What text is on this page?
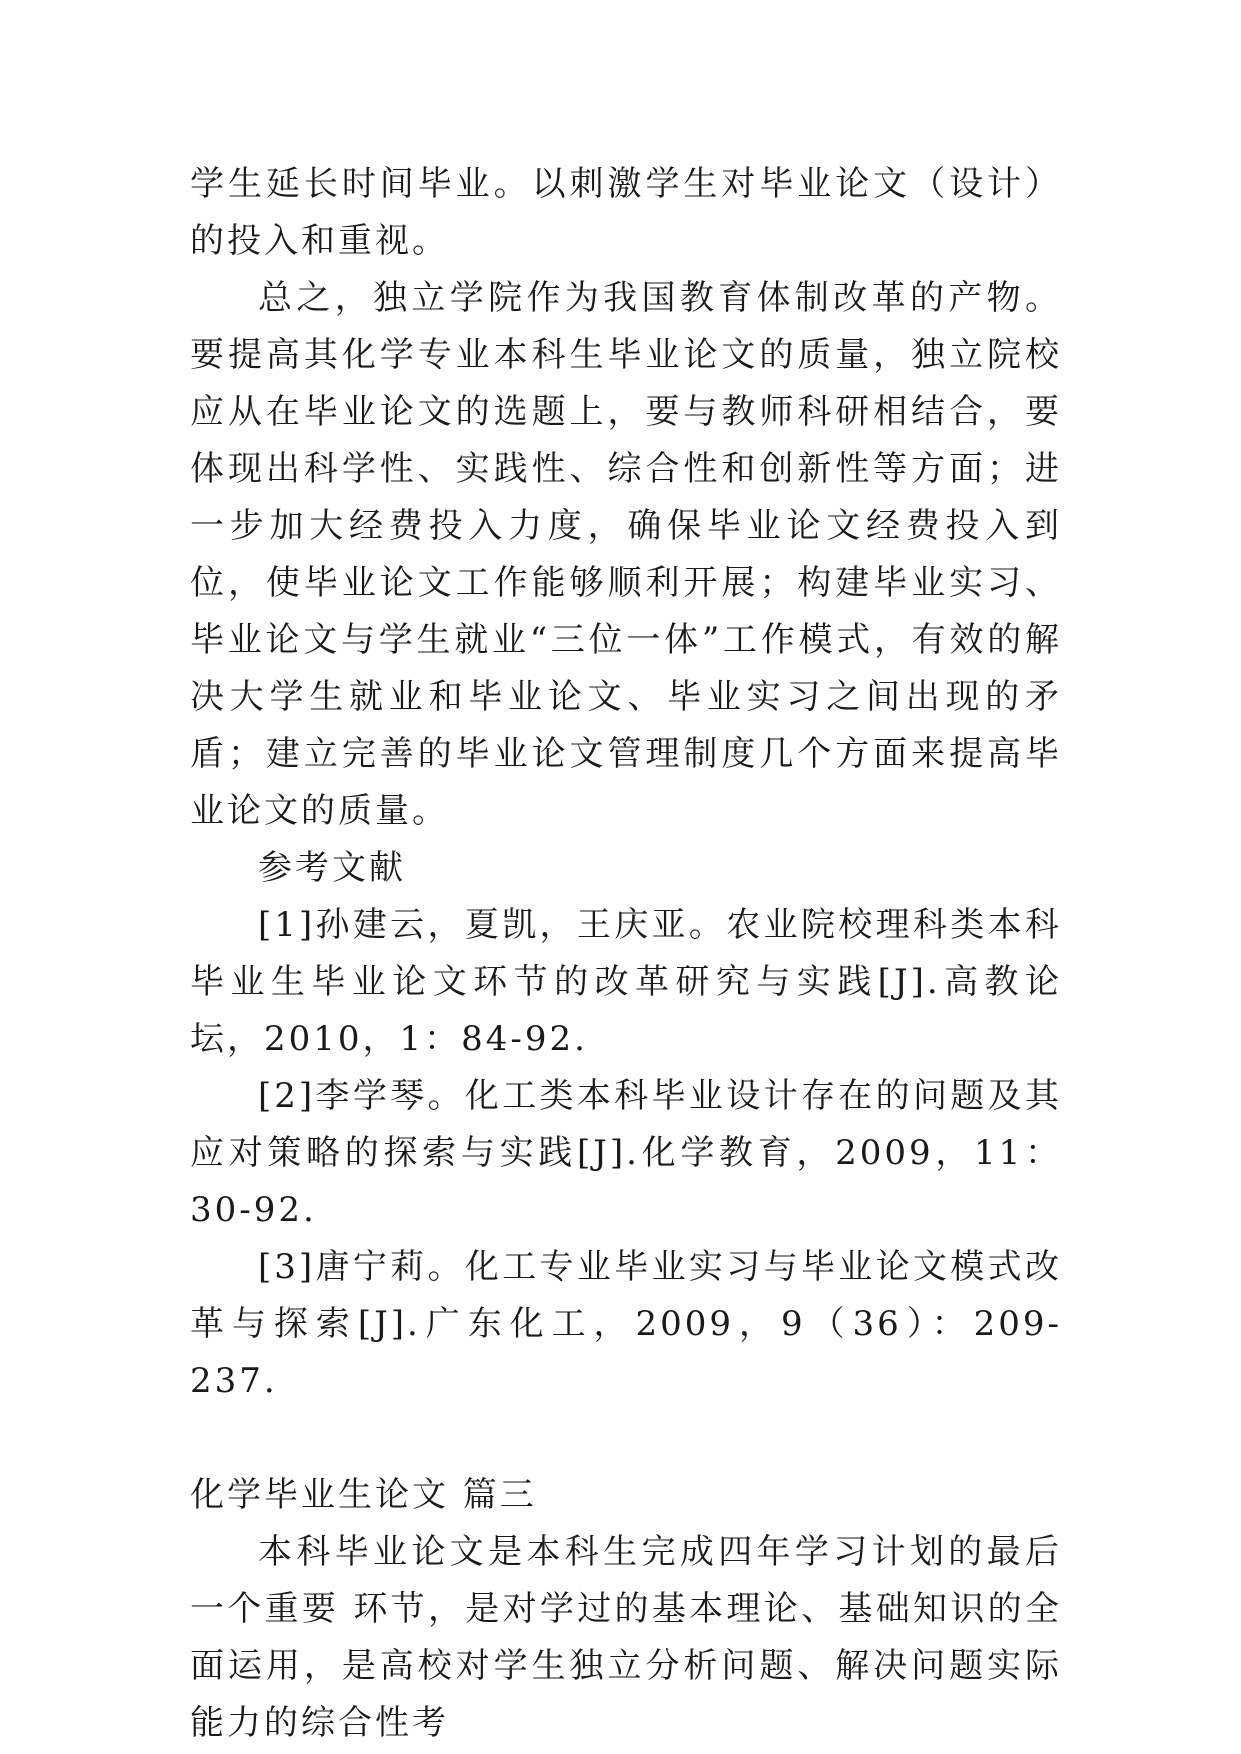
学生延长时间毕业。以刺激学生对毕业论文（设计）的投入和重视。

总之，独立学院作为我国教育体制改革的产物。要提高其化学专业本科生毕业论文的质量，独立院校应从在毕业论文的选题上，要与教师科研相结合，要体现出科学性、实践性、综合性和创新性等方面；进一步加大经费投入力度，确保毕业论文经费投入到位，使毕业论文工作能够顺利开展；构建毕业实习、毕业论文与学生就业“三位一体”工作模式，有效的解决大学生就业和毕业论文、毕业实习之间出现的矛盾；建立完善的毕业论文管理制度几个方面来提高毕业论文的质量。

参考文献

[1]孙建云，夏凯，王庆亚。农业院校理科类本科毕业生毕业论文环节的改革研究与实践[J].高教论坛，2010，1：84-92.

[2]李学琴。化工类本科毕业设计存在的问题及其应对策略的探索与实践[J].化学教育，2009，11：30-92.

[3]唐宁莉。化工专业毕业实习与毕业论文模式改革与探索[J].广东化工，2009，9（36）：209-237.

化学毕业生论文 篇三

本科毕业论文是本科生完成四年学习计划的最后一个重要 环节，是对学过的基本理论、基础知识的全面运用，是高校对学生独立分析问题、解决问题实际能力的综合性考
